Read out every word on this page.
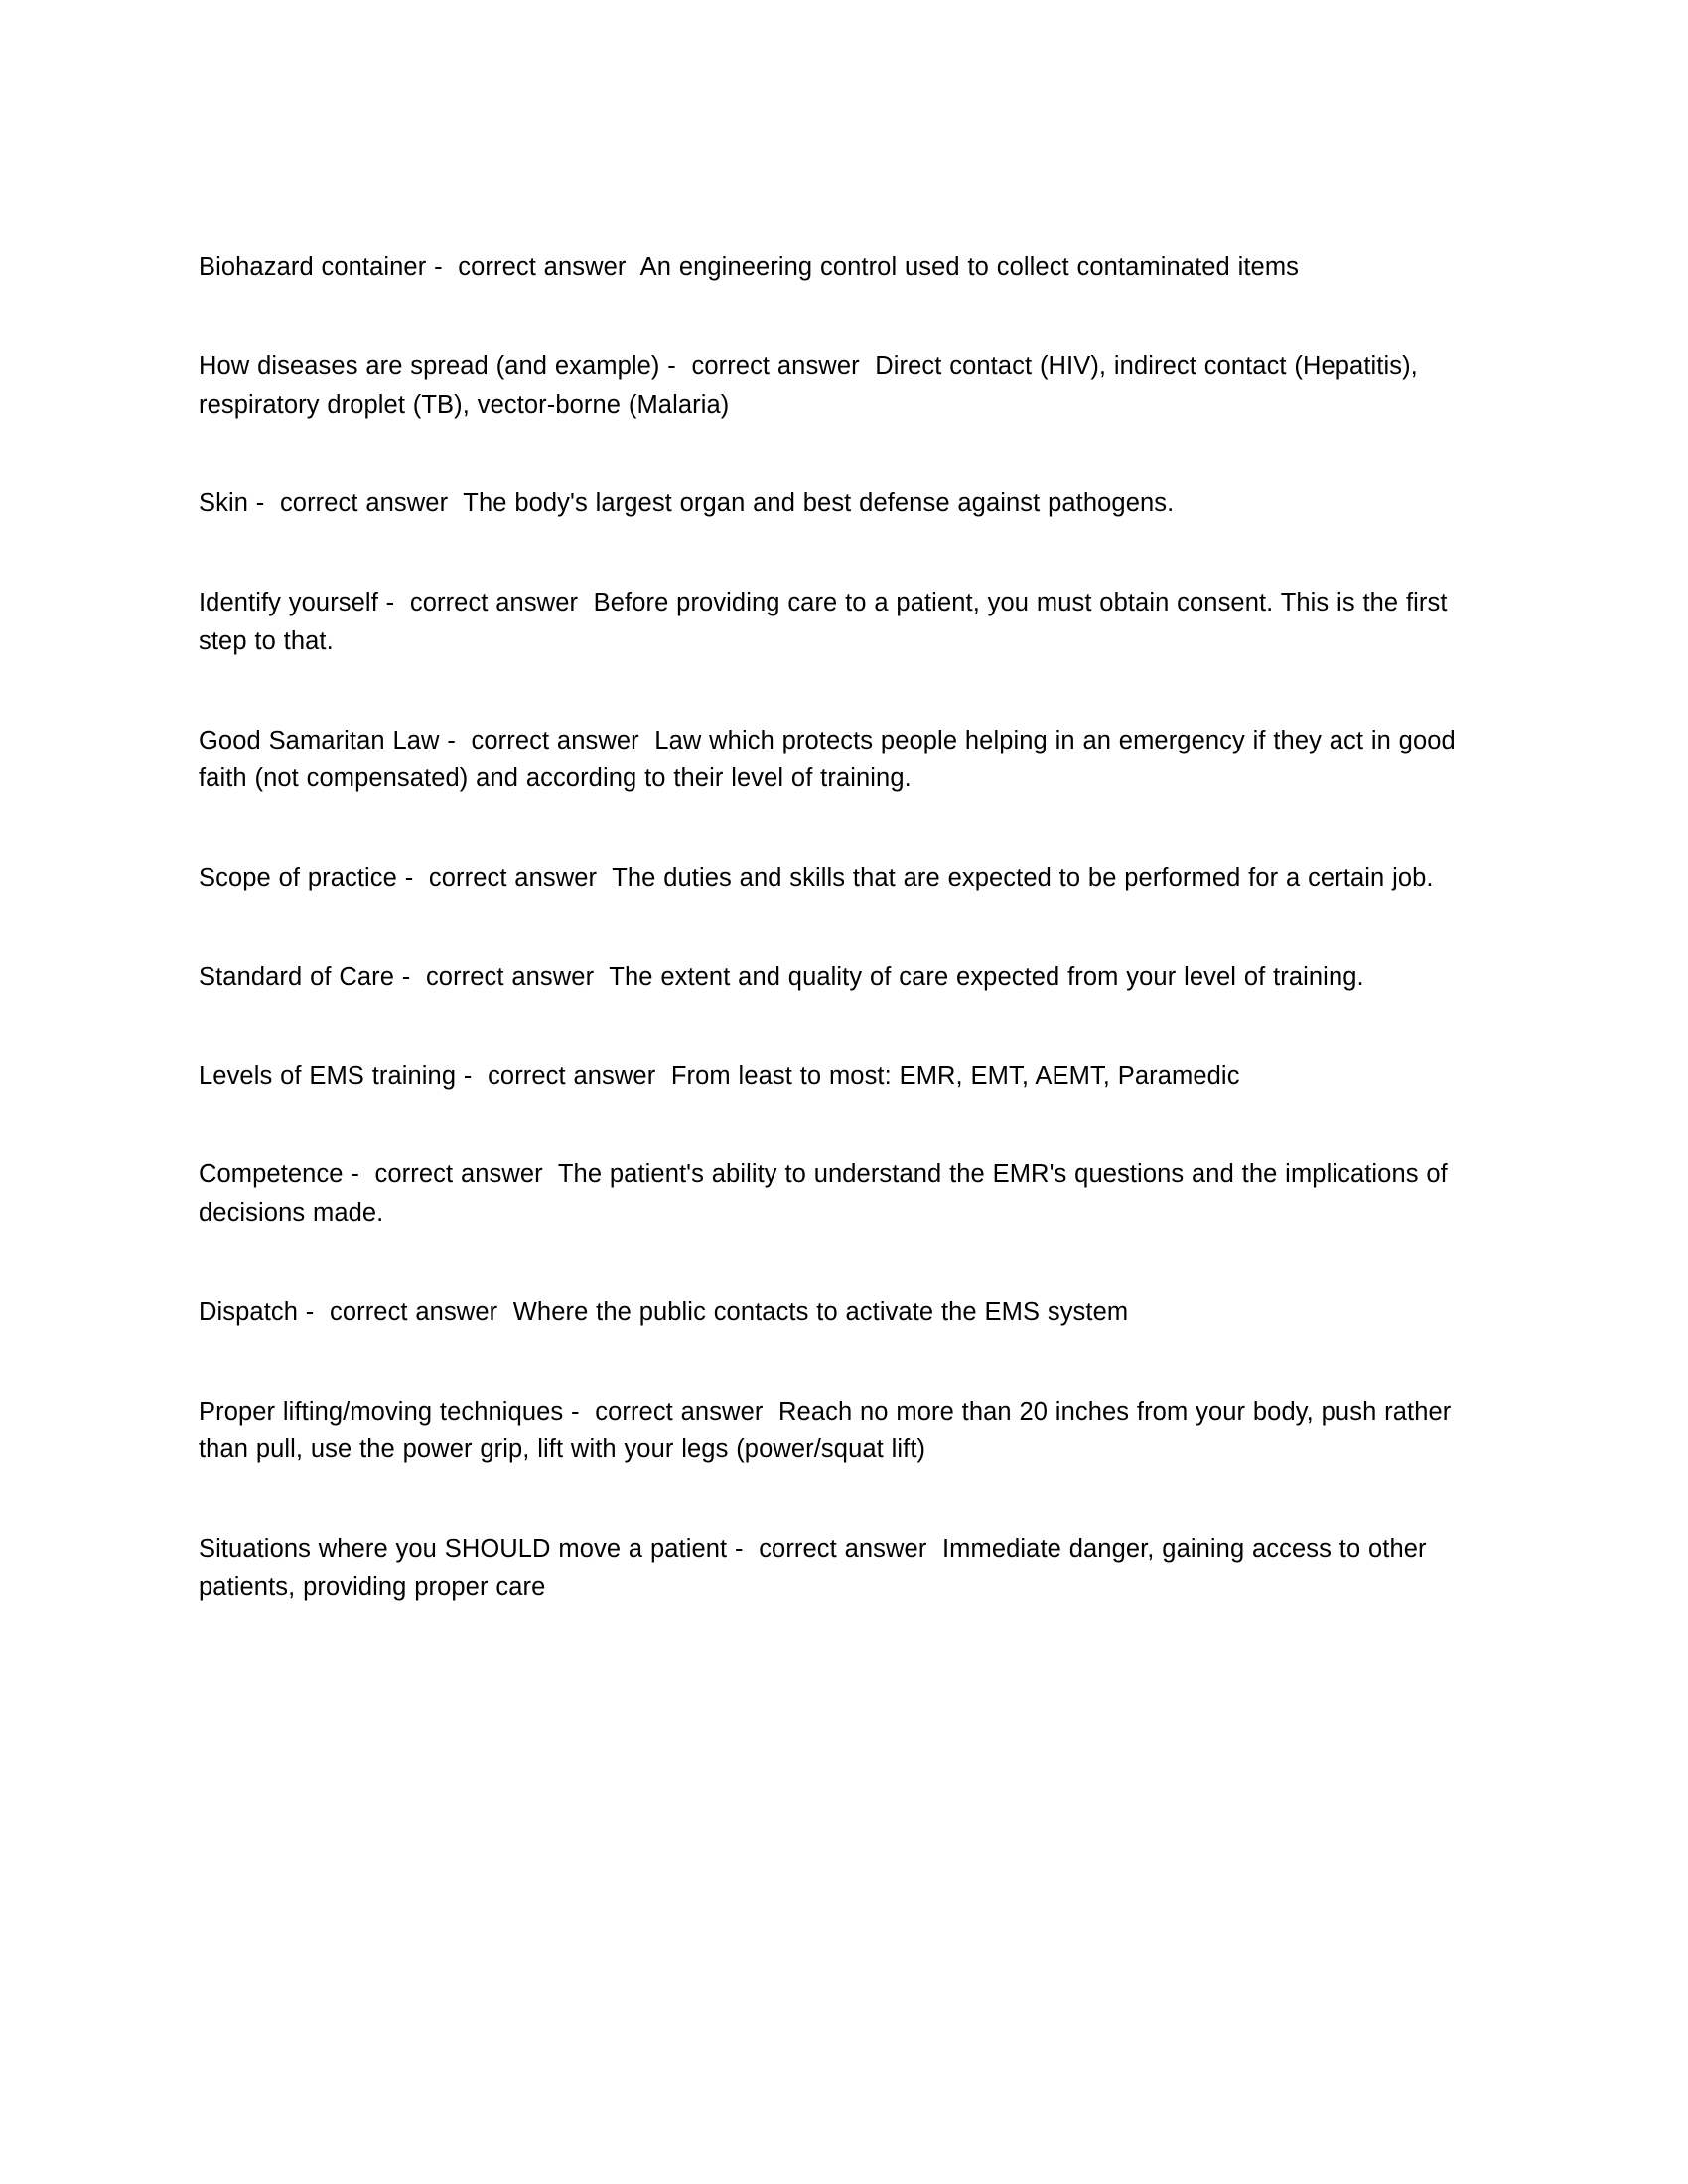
Biohazard container -  correct answer  An engineering control used to collect contaminated items

How diseases are spread (and example) -  correct answer  Direct contact (HIV), indirect contact (Hepatitis), respiratory droplet (TB), vector-borne (Malaria)

Skin -  correct answer  The body's largest organ and best defense against pathogens.

Identify yourself -  correct answer  Before providing care to a patient, you must obtain consent. This is the first step to that.

Good Samaritan Law -  correct answer  Law which protects people helping in an emergency if they act in good faith (not compensated) and according to their level of training.

Scope of practice -  correct answer  The duties and skills that are expected to be performed for a certain job.

Standard of Care -  correct answer  The extent and quality of care expected from your level of training.

Levels of EMS training -  correct answer  From least to most: EMR, EMT, AEMT, Paramedic

Competence -  correct answer  The patient's ability to understand the EMR's questions and the implications of decisions made.

Dispatch -  correct answer  Where the public contacts to activate the EMS system

Proper lifting/moving techniques -  correct answer  Reach no more than 20 inches from your body, push rather than pull, use the power grip, lift with your legs (power/squat lift)

Situations where you SHOULD move a patient -  correct answer  Immediate danger, gaining access to other patients, providing proper care
